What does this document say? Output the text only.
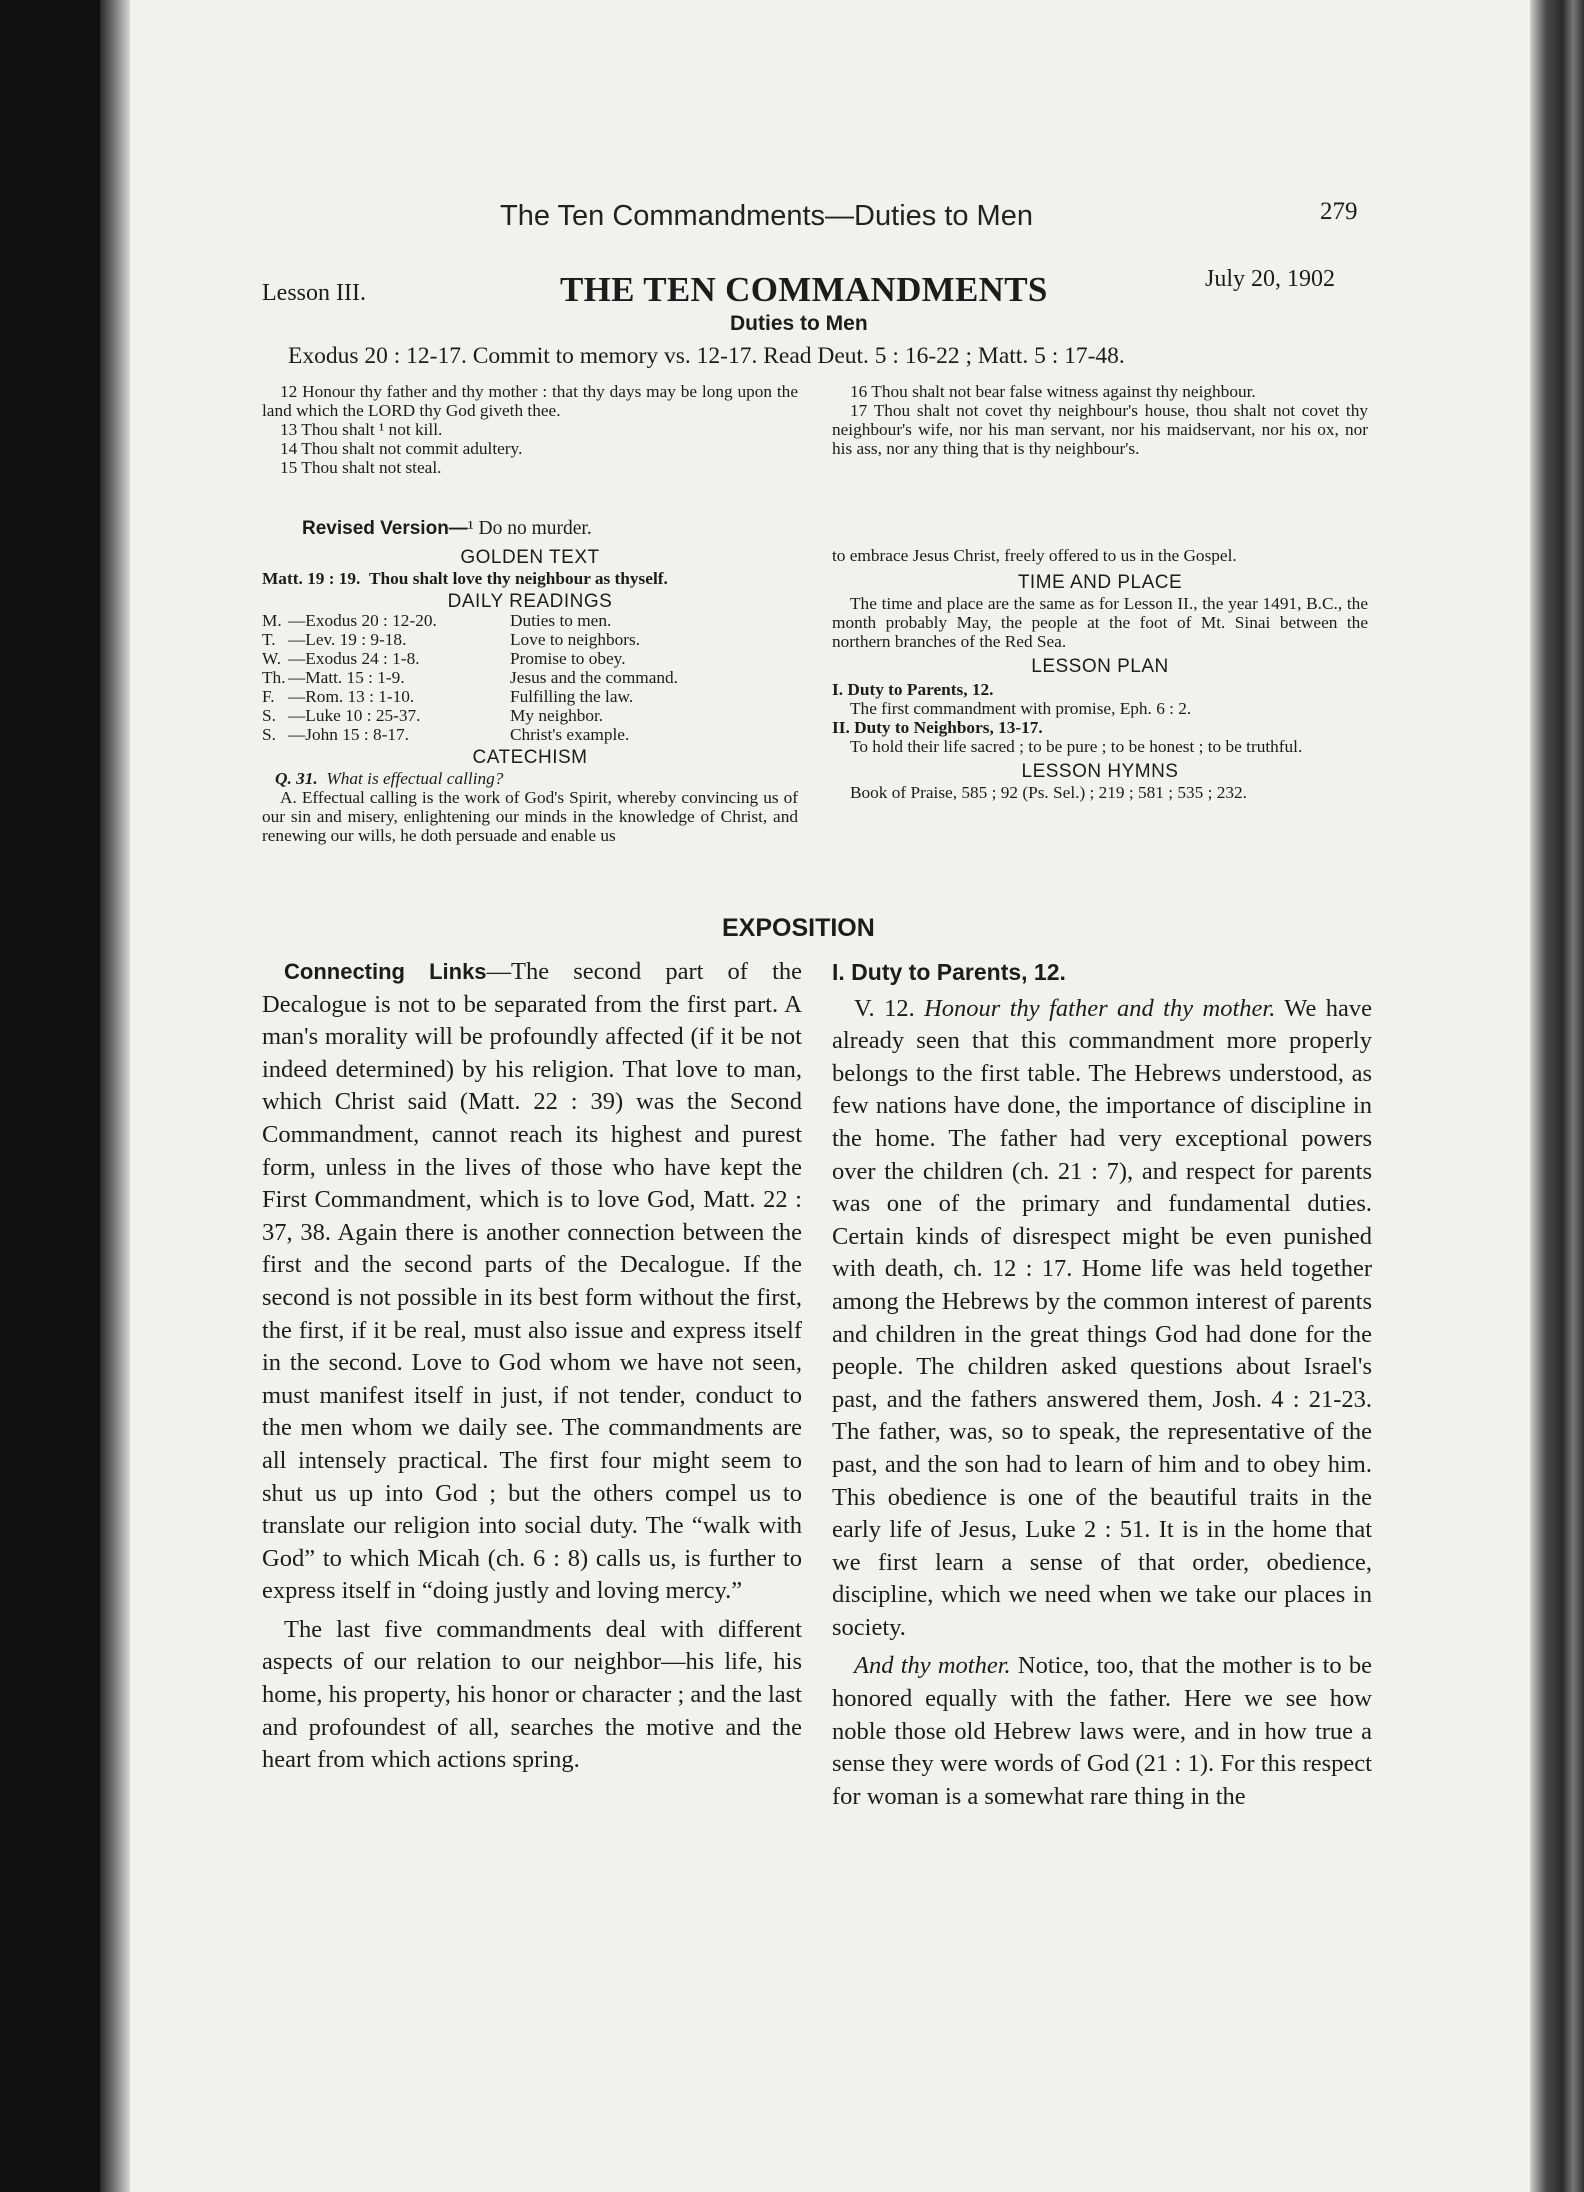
The Ten Commandments—Duties to Men	279
Lesson III.	THE TEN COMMANDMENTS	July 20, 1902
Duties to Men
Exodus 20 : 12-17. Commit to memory vs. 12-17. Read Deut. 5 : 16-22 ; Matt. 5 : 17-48.

12 Honour thy father and thy mother : that thy days may be long upon the land which the LORD thy God giveth thee.

13 Thou shalt ¹ not kill.

14 Thou shalt not commit adultery.

15 Thou shalt not steal.

16 Thou shalt not bear false witness against thy neighbour.

17 Thou shalt not covet thy neighbour's house, thou shalt not covet thy neighbour's wife, nor his man servant, nor his maidservant, nor his ox, nor his ass, nor any thing that is thy neighbour's.

Revised Version—¹ Do no murder.
GOLDEN TEXT
Matt. 19 : 19. Thou shalt love thy neighbour as thyself.
DAILY READINGS
M.	—Exodus 20 : 12-20.	Duties to men.
T.	—Lev. 19 : 9-18.	Love to neighbors.
W.	—Exodus 24 : 1-8.	Promise to obey.
Th.	—Matt. 15 : 1-9.	Jesus and the command.
F.	—Rom. 13 : 1-10.	Fulfilling the law.
S.	—Luke 10 : 25-37.	My neighbor.
S.	—John 15 : 8-17.	Christ's example.
CATECHISM
Q. 31. What is effectual calling?

A. Effectual calling is the work of God's Spirit, whereby convincing us of our sin and misery, enlightening our minds in the knowledge of Christ, and renewing our wills, he doth persuade and enable us

to embrace Jesus Christ, freely offered to us in the Gospel.

TIME AND PLACE

The time and place are the same as for Lesson II., the year 1491, B.C., the month probably May, the people at the foot of Mt. Sinai between the northern branches of the Red Sea.

LESSON PLAN
I. Duty to Parents, 12.

The first commandment with promise, Eph. 6 : 2.

II. Duty to Neighbors, 13-17.

To hold their life sacred ; to be pure ; to be honest ; to be truthful.

LESSON HYMNS

Book of Praise, 585 ; 92 (Ps. Sel.) ; 219 ; 581 ; 535 ; 232.

EXPOSITION

Connecting Links—The second part of the Decalogue is not to be separated from the first part. A man's morality will be profoundly affected (if it be not indeed determined) by his religion. That love to man, which Christ said (Matt. 22 : 39) was the Second Commandment, cannot reach its highest and purest form, unless in the lives of those who have kept the First Commandment, which is to love God, Matt. 22 : 37, 38. Again there is another connection between the first and the second parts of the Decalogue. If the second is not possible in its best form without the first, the first, if it be real, must also issue and express itself in the second. Love to God whom we have not seen, must manifest itself in just, if not tender, conduct to the men whom we daily see. The commandments are all intensely practical. The first four might seem to shut us up into God ; but the others compel us to translate our religion into social duty. The “walk with God” to which Micah (ch. 6 : 8) calls us, is further to express itself in “doing justly and loving mercy.”

The last five commandments deal with different aspects of our relation to our neighbor—his life, his home, his property, his honor or character ; and the last and profoundest of all, searches the motive and the heart from which actions spring.

I. Duty to Parents, 12.

V. 12. Honour thy father and thy mother. We have already seen that this commandment more properly belongs to the first table. The Hebrews understood, as few nations have done, the importance of discipline in the home. The father had very exceptional powers over the children (ch. 21 : 7), and respect for parents was one of the primary and fundamental duties. Certain kinds of disrespect might be even punished with death, ch. 12 : 17. Home life was held together among the Hebrews by the common interest of parents and children in the great things God had done for the people. The children asked questions about Israel's past, and the fathers answered them, Josh. 4 : 21-23. The father, was, so to speak, the representative of the past, and the son had to learn of him and to obey him. This obedience is one of the beautiful traits in the early life of Jesus, Luke 2 : 51. It is in the home that we first learn a sense of that order, obedience, discipline, which we need when we take our places in society.

And thy mother. Notice, too, that the mother is to be honored equally with the father. Here we see how noble those old Hebrew laws were, and in how true a sense they were words of God (21 : 1). For this respect for woman is a somewhat rare thing in the
